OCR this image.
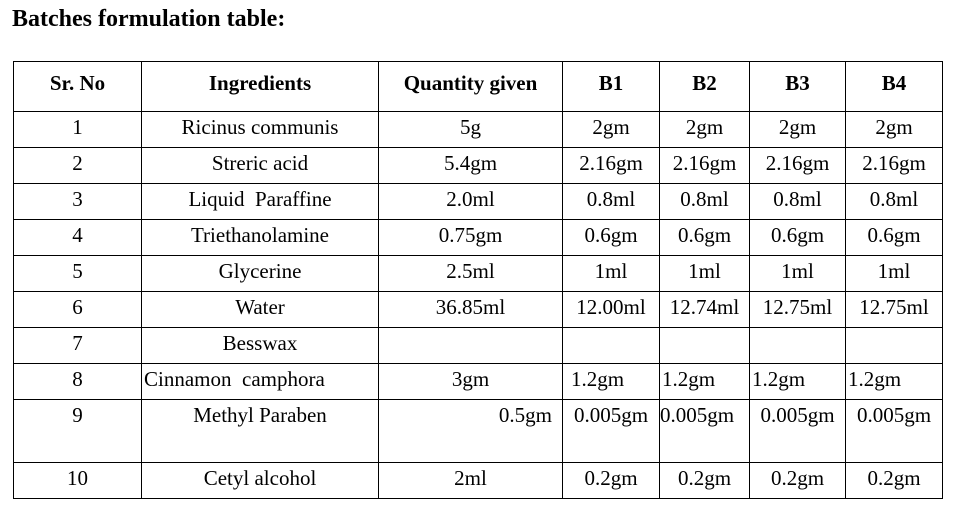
Batches formulation table:
Sr. No	Ingredients	Quantity given	B1	B2	B3	B4
1	Ricinus communis	5g	2gm	2gm	2gm	2gm
2	Streric acid	5.4gm	2.16gm	2.16gm	2.16gm	2.16gm
3	Liquid  Paraffine	2.0ml	0.8ml	0.8ml	0.8ml	0.8ml
4	Triethanolamine	0.75gm	0.6gm	0.6gm	0.6gm	0.6gm
5	Glycerine	2.5ml	1ml	1ml	1ml	1ml
6	Water	36.85ml	12.00ml	12.74ml	12.75ml	12.75ml
7	Besswax					
8	Cinnamon  camphora	3gm	1.2gm	1.2gm	1.2gm	1.2gm
9	Methyl Paraben	0.5gm	0.005gm	0.005gm	0.005gm	0.005gm
10	Cetyl alcohol	2ml	0.2gm	0.2gm	0.2gm	0.2gm
